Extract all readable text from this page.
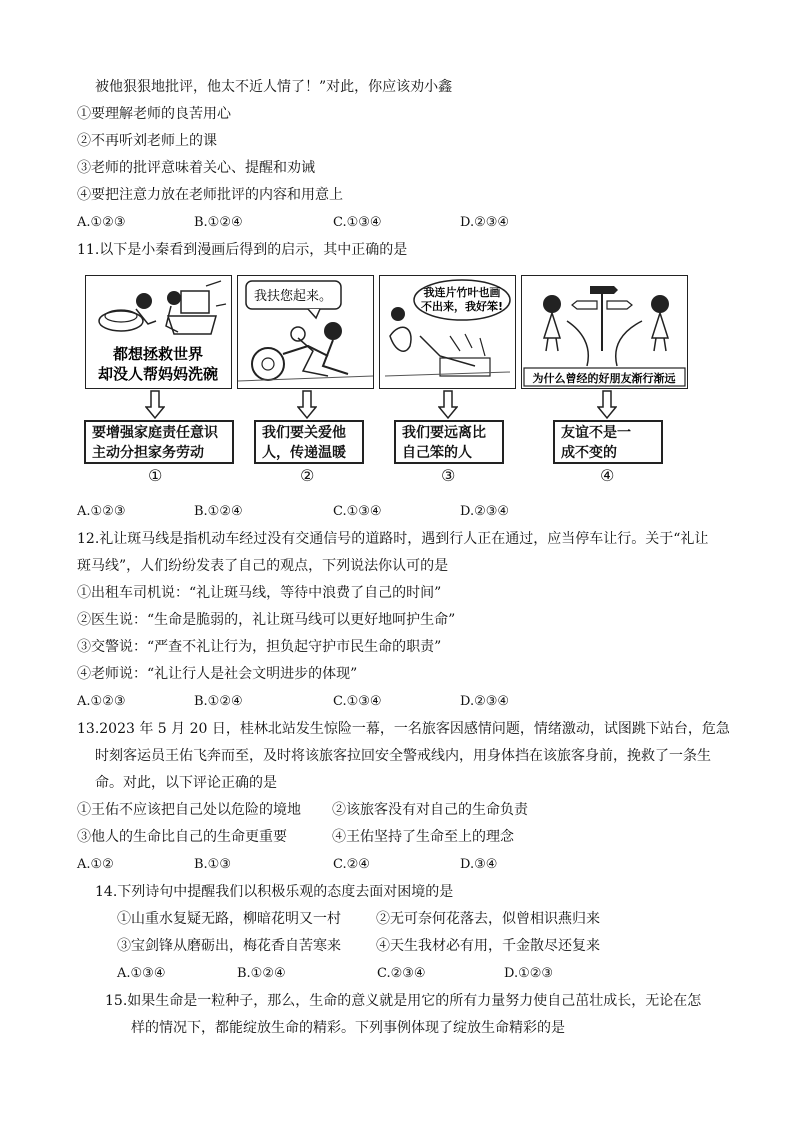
被他狠狠地批评，他太不近人情了！”对此，你应该劝小鑫
①要理解老师的良苦用心
②不再听刘老师上的课
③老师的批评意味着关心、提醒和劝诫
④要把注意力放在老师批评的内容和用意上
A.①②③	B.①②④	C.①③④	D.②③④
11.以下是小秦看到漫画后得到的启示，其中正确的是
都想拯救世界
却没人帮妈妈洗碗
我扶您起来。	我连片竹叶也画
不出来，我好笨!
为什么曾经的好朋友渐行渐远
要增强家庭责任意识
主动分担家务劳动
我们要关爱他
人，传递温暖
我们要远离比
自己笨的人
友谊不是一
成不变的
①	②	③	④
A.①②③	B.①②④	C.①③④	D.②③④
12.礼让斑马线是指机动车经过没有交通信号的道路时，遇到行人正在通过，应当停车让行。关于“礼让
斑马线”，人们纷纷发表了自己的观点，下列说法你认可的是
①出租车司机说：“礼让斑马线，等待中浪费了自己的时间”
②医生说：“生命是脆弱的，礼让斑马线可以更好地呵护生命”
③交警说：“严查不礼让行为，担负起守护市民生命的职责”
④老师说：“礼让行人是社会文明进步的体现”
A.①②③	B.①②④	C.①③④	D.②③④
13.2023 年 5 月 20 日，桂林北站发生惊险一幕，一名旅客因感情问题，情绪激动，试图跳下站台，危急
时刻客运员王佑飞奔而至，及时将该旅客拉回安全警戒线内，用身体挡在该旅客身前，挽救了一条生
命。对此，以下评论正确的是
①王佑不应该把自己处以危险的境地 ②该旅客没有对自己的生命负责
③他人的生命比自己的生命更重要	④王佑坚持了生命至上的理念
A.①②	B.①③	C.②④	D.③④
14.下列诗句中提醒我们以积极乐观的态度去面对困境的是
①山重水复疑无路，柳暗花明又一村	②无可奈何花落去，似曾相识燕归来
③宝剑锋从磨砺出，梅花香自苦寒来	④天生我材必有用，千金散尽还复来
A.①③④	B.①②④	C.②③④	D.①②③
15.如果生命是一粒种子，那么，生命的意义就是用它的所有力量努力使自己茁壮成长，无论在怎
样的情况下，都能绽放生命的精彩。下列事例体现了绽放生命精彩的是
